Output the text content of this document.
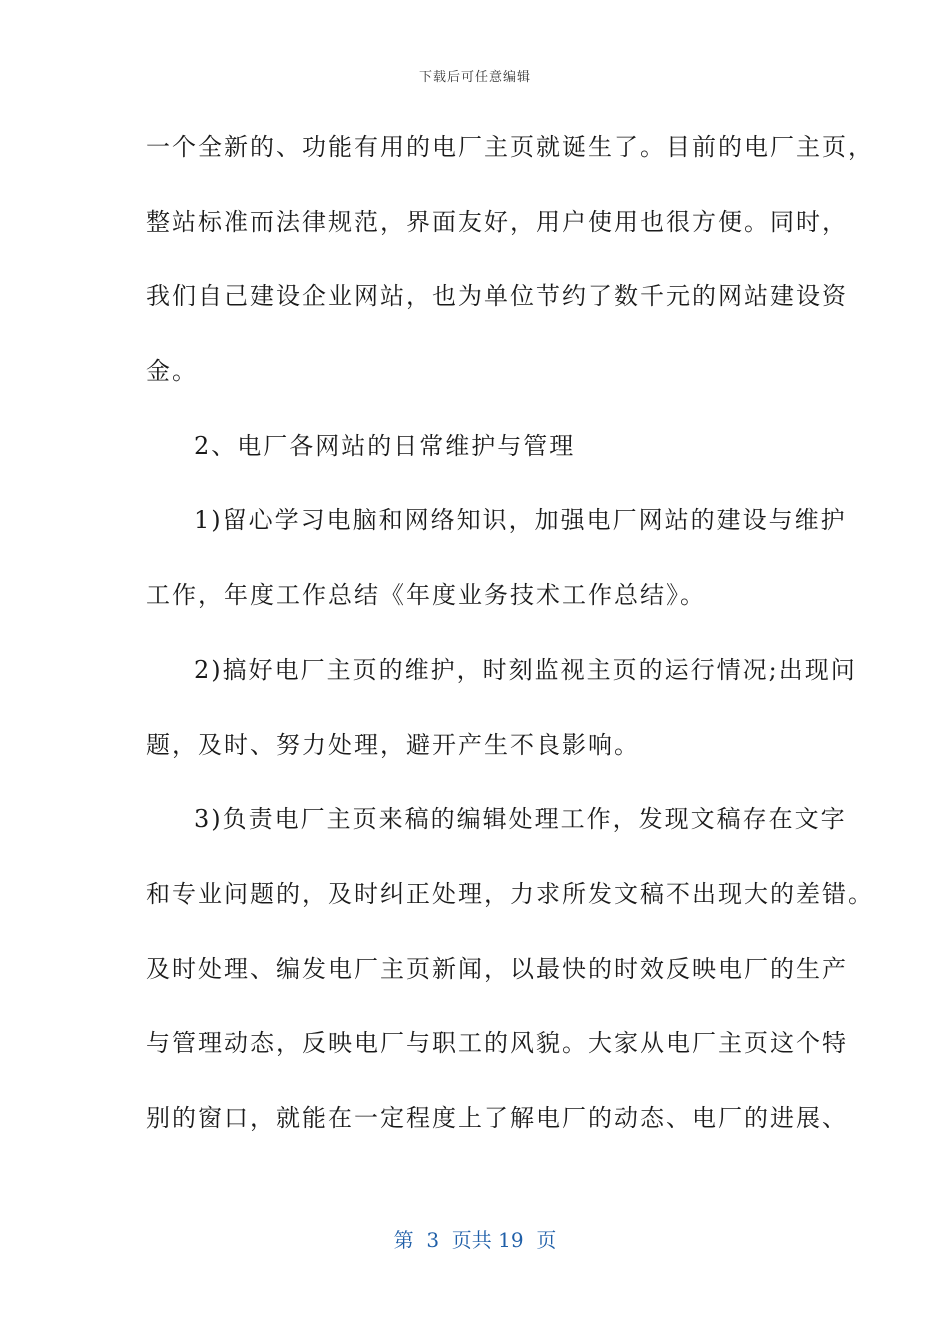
下载后可任意编辑
一个全新的、功能有用的电厂主页就诞生了。目前的电厂主页，
整站标准而法律规范，界面友好，用户使用也很方便。同时，
我们自己建设企业网站，也为单位节约了数千元的网站建设资
金。
2、电厂各网站的日常维护与管理
1)留心学习电脑和网络知识，加强电厂网站的建设与维护
工作，年度工作总结《年度业务技术工作总结》。
2)搞好电厂主页的维护，时刻监视主页的运行情况;出现问
题，及时、努力处理，避开产生不良影响。
3)负责电厂主页来稿的编辑处理工作，发现文稿存在文字
和专业问题的，及时纠正处理，力求所发文稿不出现大的差错。
及时处理、编发电厂主页新闻，以最快的时效反映电厂的生产
与管理动态，反映电厂与职工的风貌。大家从电厂主页这个特
别的窗口，就能在一定程度上了解电厂的动态、电厂的进展、
第  3  页共 19  页
